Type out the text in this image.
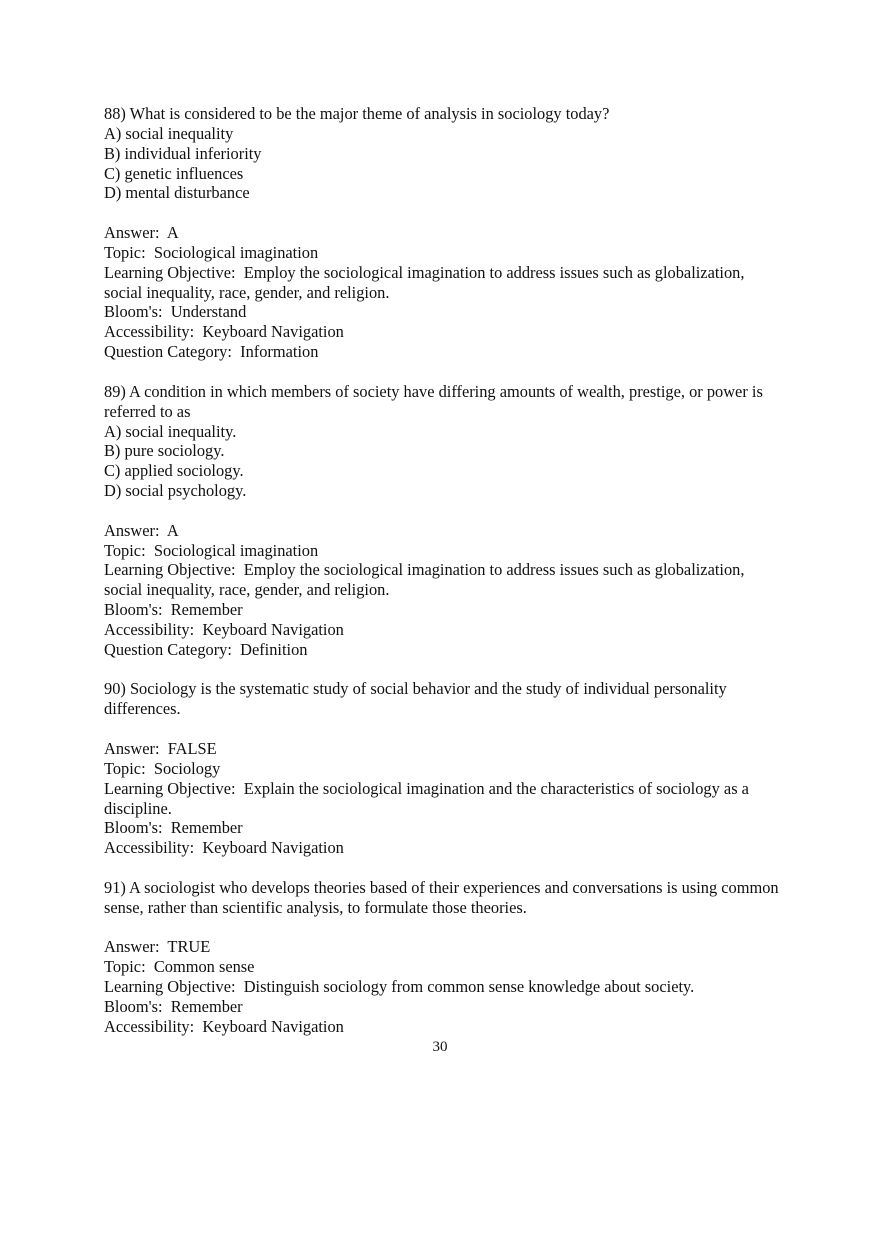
88) What is considered to be the major theme of analysis in sociology today?
A) social inequality
B) individual inferiority
C) genetic influences
D) mental disturbance
Answer:  A
Topic:  Sociological imagination
Learning Objective:  Employ the sociological imagination to address issues such as globalization, social inequality, race, gender, and religion.
Bloom's:  Understand
Accessibility:  Keyboard Navigation
Question Category:  Information
89) A condition in which members of society have differing amounts of wealth, prestige, or power is referred to as
A) social inequality.
B) pure sociology.
C) applied sociology.
D) social psychology.
Answer:  A
Topic:  Sociological imagination
Learning Objective:  Employ the sociological imagination to address issues such as globalization, social inequality, race, gender, and religion.
Bloom's:  Remember
Accessibility:  Keyboard Navigation
Question Category:  Definition
90) Sociology is the systematic study of social behavior and the study of individual personality differences.
Answer:  FALSE
Topic:  Sociology
Learning Objective:  Explain the sociological imagination and the characteristics of sociology as a discipline.
Bloom's:  Remember
Accessibility:  Keyboard Navigation
91) A sociologist who develops theories based of their experiences and conversations is using common sense, rather than scientific analysis, to formulate those theories.
Answer:  TRUE
Topic:  Common sense
Learning Objective:  Distinguish sociology from common sense knowledge about society.
Bloom's:  Remember
Accessibility:  Keyboard Navigation
30
